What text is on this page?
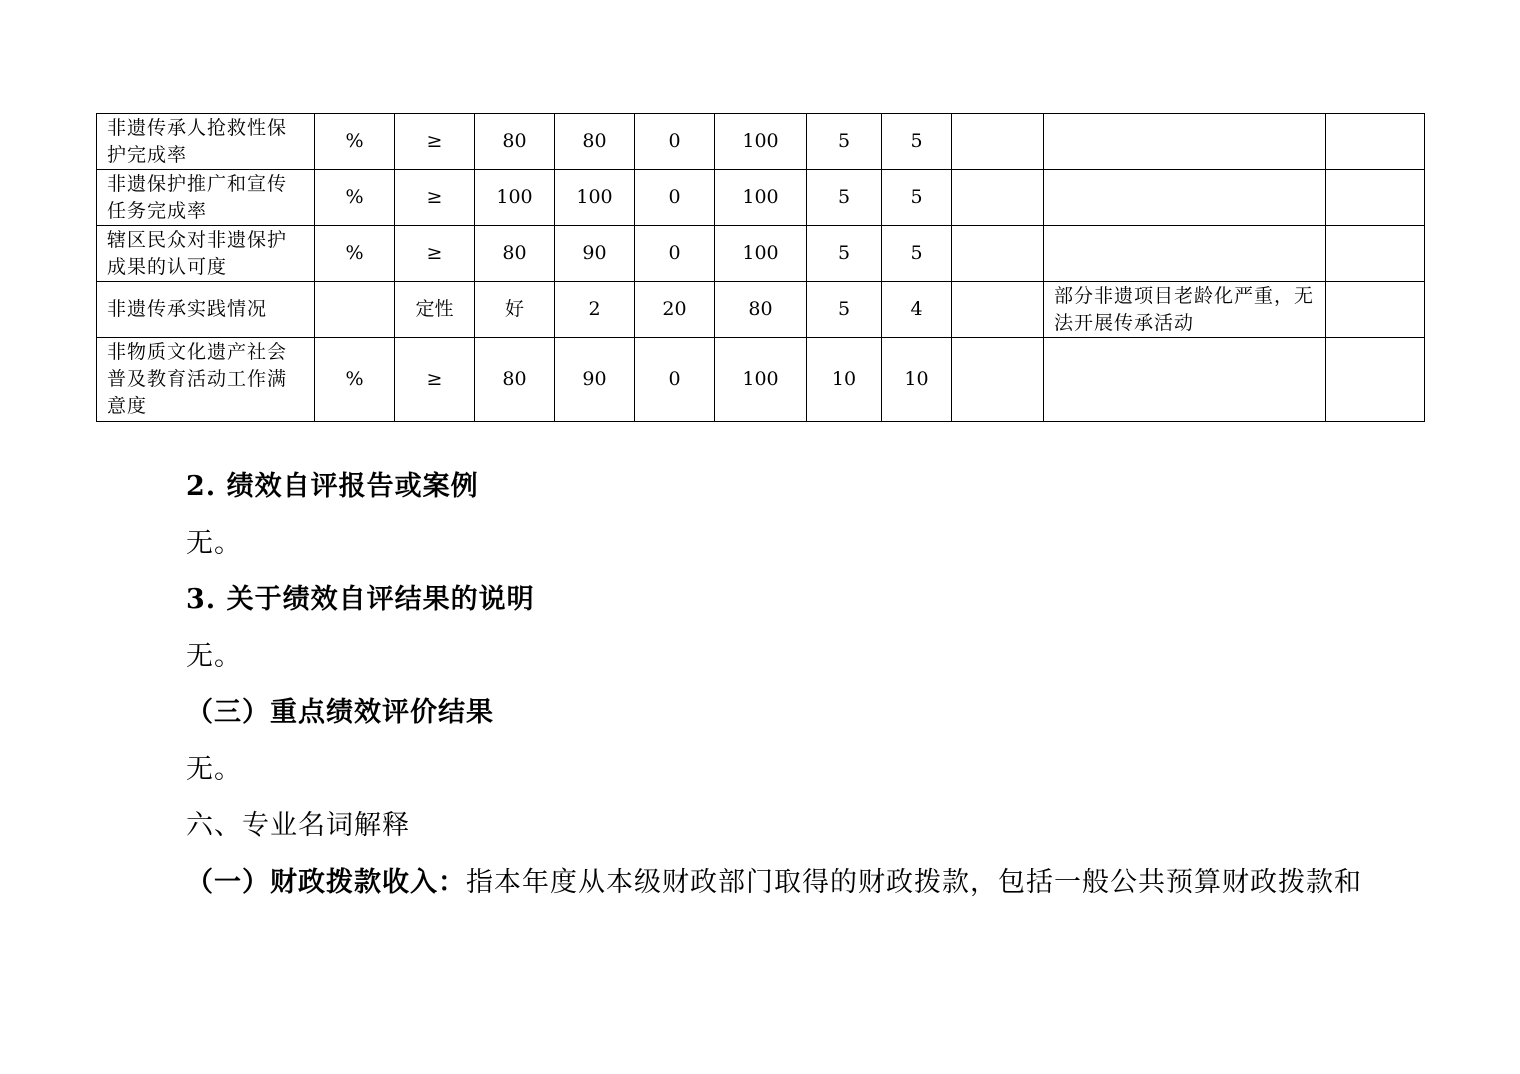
非遗传承人抢救性保护完成率	%	≥	80	80	0	100	5	5			
非遗保护推广和宣传任务完成率	%	≥	100	100	0	100	5	5			
辖区民众对非遗保护成果的认可度	%	≥	80	90	0	100	5	5			
非遗传承实践情况		定性	好	2	20	80	5	4		部分非遗项目老龄化严重，无法开展传承活动	
非物质文化遗产社会普及教育活动工作满意度	%	≥	80	90	0	100	10	10			

2. 绩效自评报告或案例

无。

3. 关于绩效自评结果的说明

无。

（三）重点绩效评价结果

无。

六、专业名词解释

（一）财政拨款收入：指本年度从本级财政部门取得的财政拨款，包括一般公共预算财政拨款和
